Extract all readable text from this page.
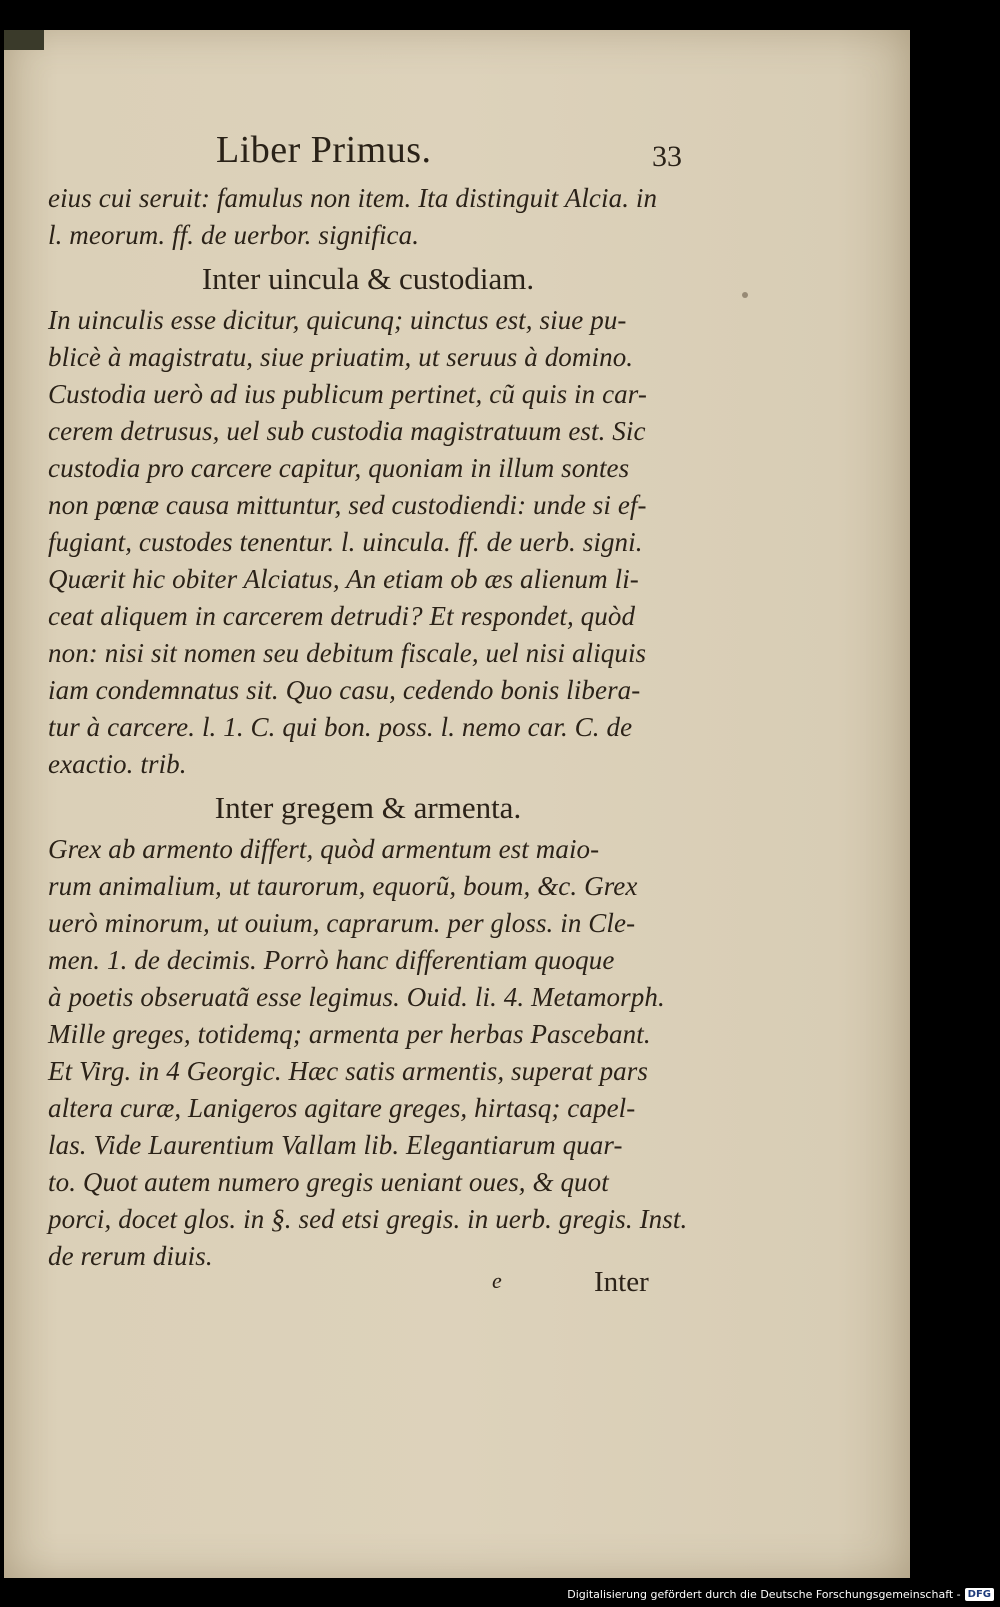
Liber Primus.	33
eius cui seruit: famulus non item. Ita distinguit Alcia. in
l. meorum. ff. de uerbor. significa.
Inter uincula & custodiam.
In uinculis esse dicitur, quicunq; uinctus est, siue pu-
blicè à magistratu, siue priuatim, ut seruus à domino.
Custodia uerò ad ius publicum pertinet, cũ quis in car-
cerem detrusus, uel sub custodia magistratuum est. Sic
custodia pro carcere capitur, quoniam in illum sontes
non pœnæ causa mittuntur, sed custodiendi: unde si ef-
fugiant, custodes tenentur. l. uincula. ff. de uerb. signi.
Quærit hic obiter Alciatus, An etiam ob æs alienum li-
ceat aliquem in carcerem detrudi? Et respondet, quòd
non: nisi sit nomen seu debitum fiscale, uel nisi aliquis
iam condemnatus sit. Quo casu, cedendo bonis libera-
tur à carcere. l. 1. C. qui bon. poss. l. nemo car. C. de
exactio. trib.
Inter gregem & armenta.
Grex ab armento differt, quòd armentum est maio-
rum animalium, ut taurorum, equorũ, boum, &c. Grex
uerò minorum, ut ouium, caprarum. per gloss. in Cle-
men. 1. de decimis. Porrò hanc differentiam quoque
à poetis obseruatã esse legimus. Ouid. li. 4. Metamorph.
Mille greges, totidemq; armenta per herbas Pascebant.
Et Virg. in 4 Georgic. Hæc satis armentis, superat pars
altera curæ, Lanigeros agitare greges, hirtasq; capel-
las. Vide Laurentium Vallam lib. Elegantiarum quar-
to. Quot autem numero gregis ueniant oues, & quot
porci, docet glos. in §. sed etsi gregis. in uerb. gregis. Inst.
de rerum diuis.
e	Inter
Digitalisierung gefördert durch die Deutsche Forschungsgemeinschaft - DFG
